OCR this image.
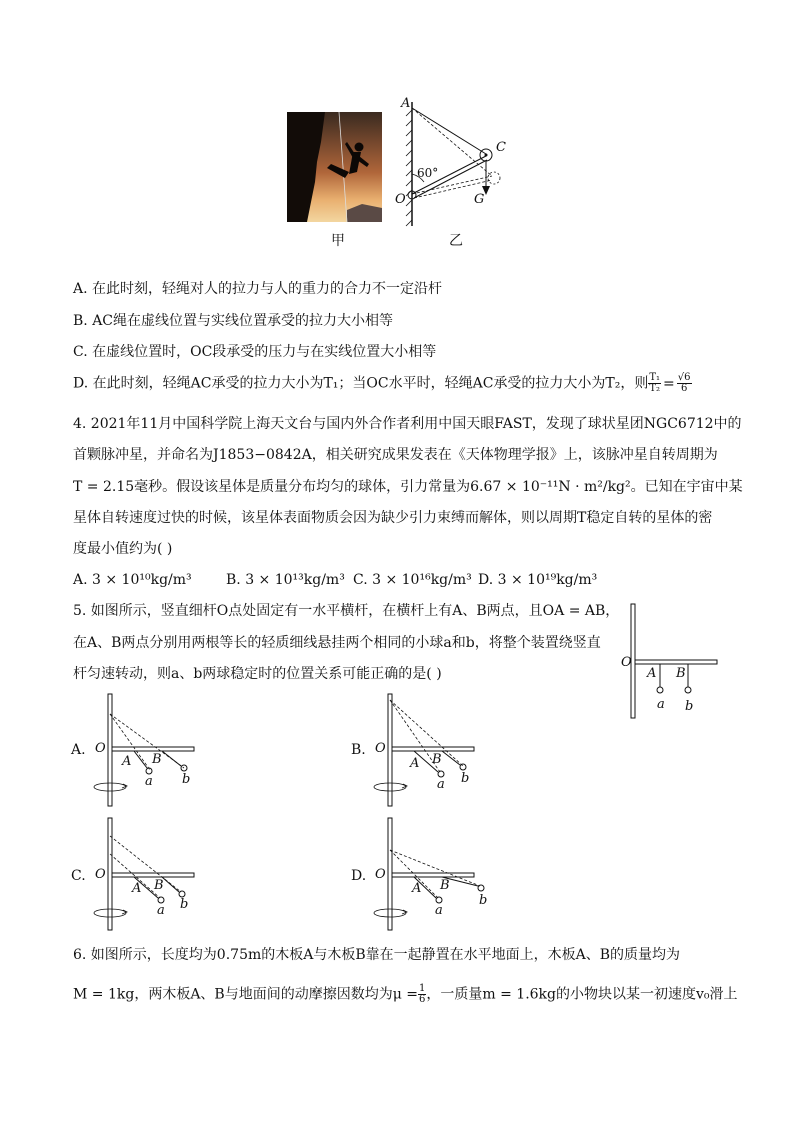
甲
A
C
O	G
60°
乙
A. 在此时刻，轻绳对人的拉力与人的重力的合力不一定沿杆
B. AC绳在虚线位置与实线位置承受的拉力大小相等
C. 在虚线位置时，OC段承受的压力与在实线位置大小相等
D. 在此时刻，轻绳AC承受的拉力大小为T₁；当OC水平时，轻绳AC承受的拉力大小为T₂，则 $\frac{\text{T₁}}{\text{T₂}} = \frac{√6}{6}$
4. 2021年11月中国科学院上海天文台与国内外合作者利用中国天眼FAST，发现了球状星团NGC6712中的
首颗脉冲星，并命名为J1853−0842A，相关研究成果发表在《天体物理学报》上，该脉冲星自转周期为
T = 2.15毫秒。假设该星体是质量分布均匀的球体，引力常量为6.67 × 10⁻¹¹N · m²/kg²。已知在宇宙中某
星体自转速度过快的时候，该星体表面物质会因为缺少引力束缚而解体，则以周期T稳定自转的星体的密
度最小值约为( )
A. 3 × 10¹⁰kg/m³ B. 3 × 10¹³kg/m³ C. 3 × 10¹⁶kg/m³ D. 3 × 10¹⁹kg/m³
5. 如图所示，竖直细杆O点处固定有一水平横杆，在横杆上有A、B两点，且OA = AB，
在A、B两点分别用两根等长的轻质细线悬挂两个相同的小球a和b，将整个装置绕竖直
杆匀速转动，则a、b两球稳定时的位置关系可能正确的是( )
O
A B
a b
A. O
A B
a b
B. O
A B
a b
C. O
A B
a b
D. O
A B
a
b
6. 如图所示，长度均为0.75m的木板A与木板B靠在一起静置在水平地面上，木板A、B的质量均为
M = 1kg，两木板A、B与地面间的动摩擦因数均为$\mu = \frac{1}{6}$ ，一质量m = 1.6kg的小物块以某一初速度v₀滑上
